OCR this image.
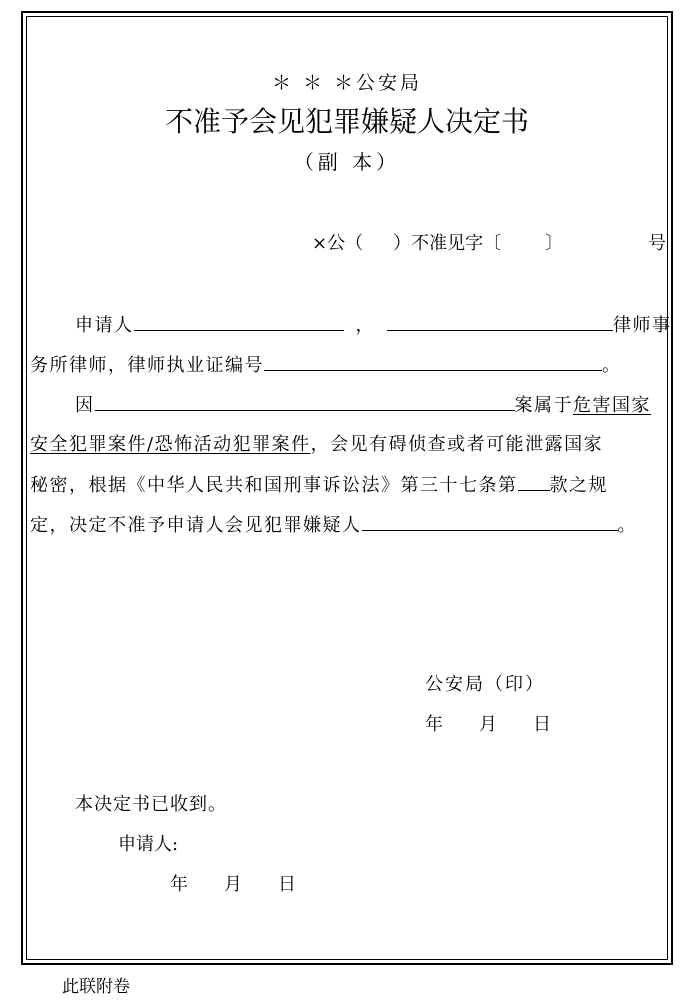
＊ ＊ ＊公安局
不准予会见犯罪嫌疑人决定书
（副 本）
×公（ ）不准见字〔 〕	号
申请人	，	律师事
务所律师，律师执业证编号	。
因	案属于危害国家
安全犯罪案件/恐怖活动犯罪案件，会见有碍侦查或者可能泄露国家
秘密，根据《中华人民共和国刑事诉讼法》第三十七条第 款之规
定，决定不准予申请人会见犯罪嫌疑人	。
公安局（印）
年 月 日
本决定书已收到。
申请人:
年 月 日
此联附卷
